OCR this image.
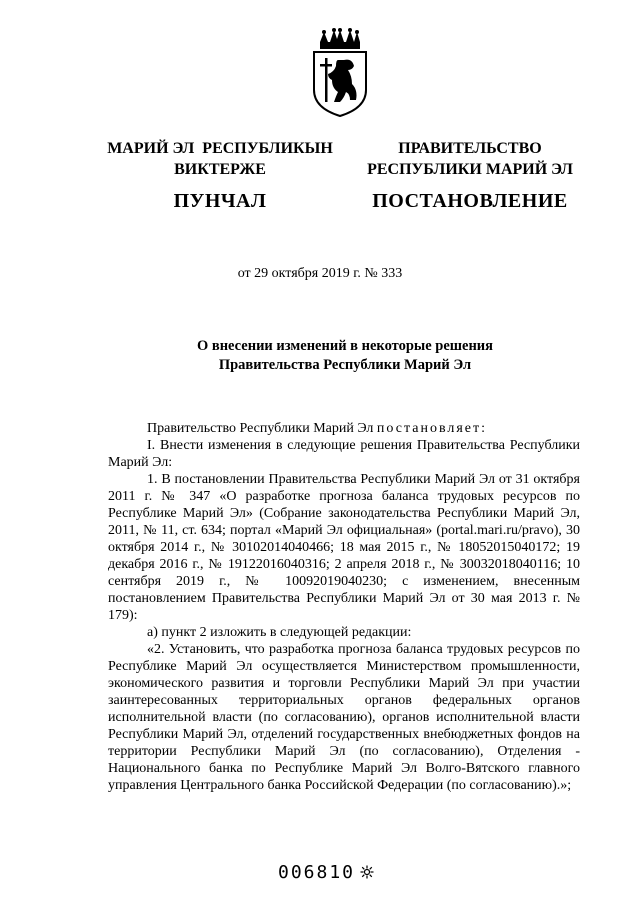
МАРИЙ ЭЛ  РЕСПУБЛИКЫН
ВИКТЕРЖЕ
ПУНЧАЛ
ПРАВИТЕЛЬСТВО
РЕСПУБЛИКИ МАРИЙ ЭЛ
ПОСТАНОВЛЕНИЕ
от 29 октября 2019 г. № 333
О внесении изменений в некоторые решения
Правительства Республики Марий Эл

Правительство Республики Марий Эл постановляет:

I. Внести изменения в следующие решения Правительства Республики Марий Эл:

1. В постановлении Правительства Республики Марий Эл от 31 октября 2011 г. № 347 «О разработке прогноза баланса трудовых ресурсов по Республике Марий Эл» (Собрание законодательства Республики Марий Эл, 2011, № 11, ст. 634; портал «Марий Эл официальная» (portal.mari.ru/pravo), 30 октября 2014 г., № 30102014040466; 18 мая 2015 г., № 18052015040172; 19 декабря 2016 г., № 19122016040316; 2 апреля 2018 г., № 30032018040116; 10 сентября 2019 г., № 10092019040230; с изменением, внесенным постановлением Правительства Республики Марий Эл от 30 мая 2013 г. № 179):

а) пункт 2 изложить в следующей редакции:

«2. Установить, что разработка прогноза баланса трудовых ресурсов по Республике Марий Эл осуществляется Министерством промышленности, экономического развития и торговли Республики Марий Эл при участии заинтересованных территориальных органов федеральных органов исполнительной власти (по согласованию), органов исполнительной власти Республики Марий Эл, отделений государственных внебюджетных фондов на территории Республики Марий Эл (по согласованию), Отделения - Национального банка по Республике Марий Эл Волго-Вятского главного управления Центрального банка Российской Федерации (по согласованию).»;

006810
